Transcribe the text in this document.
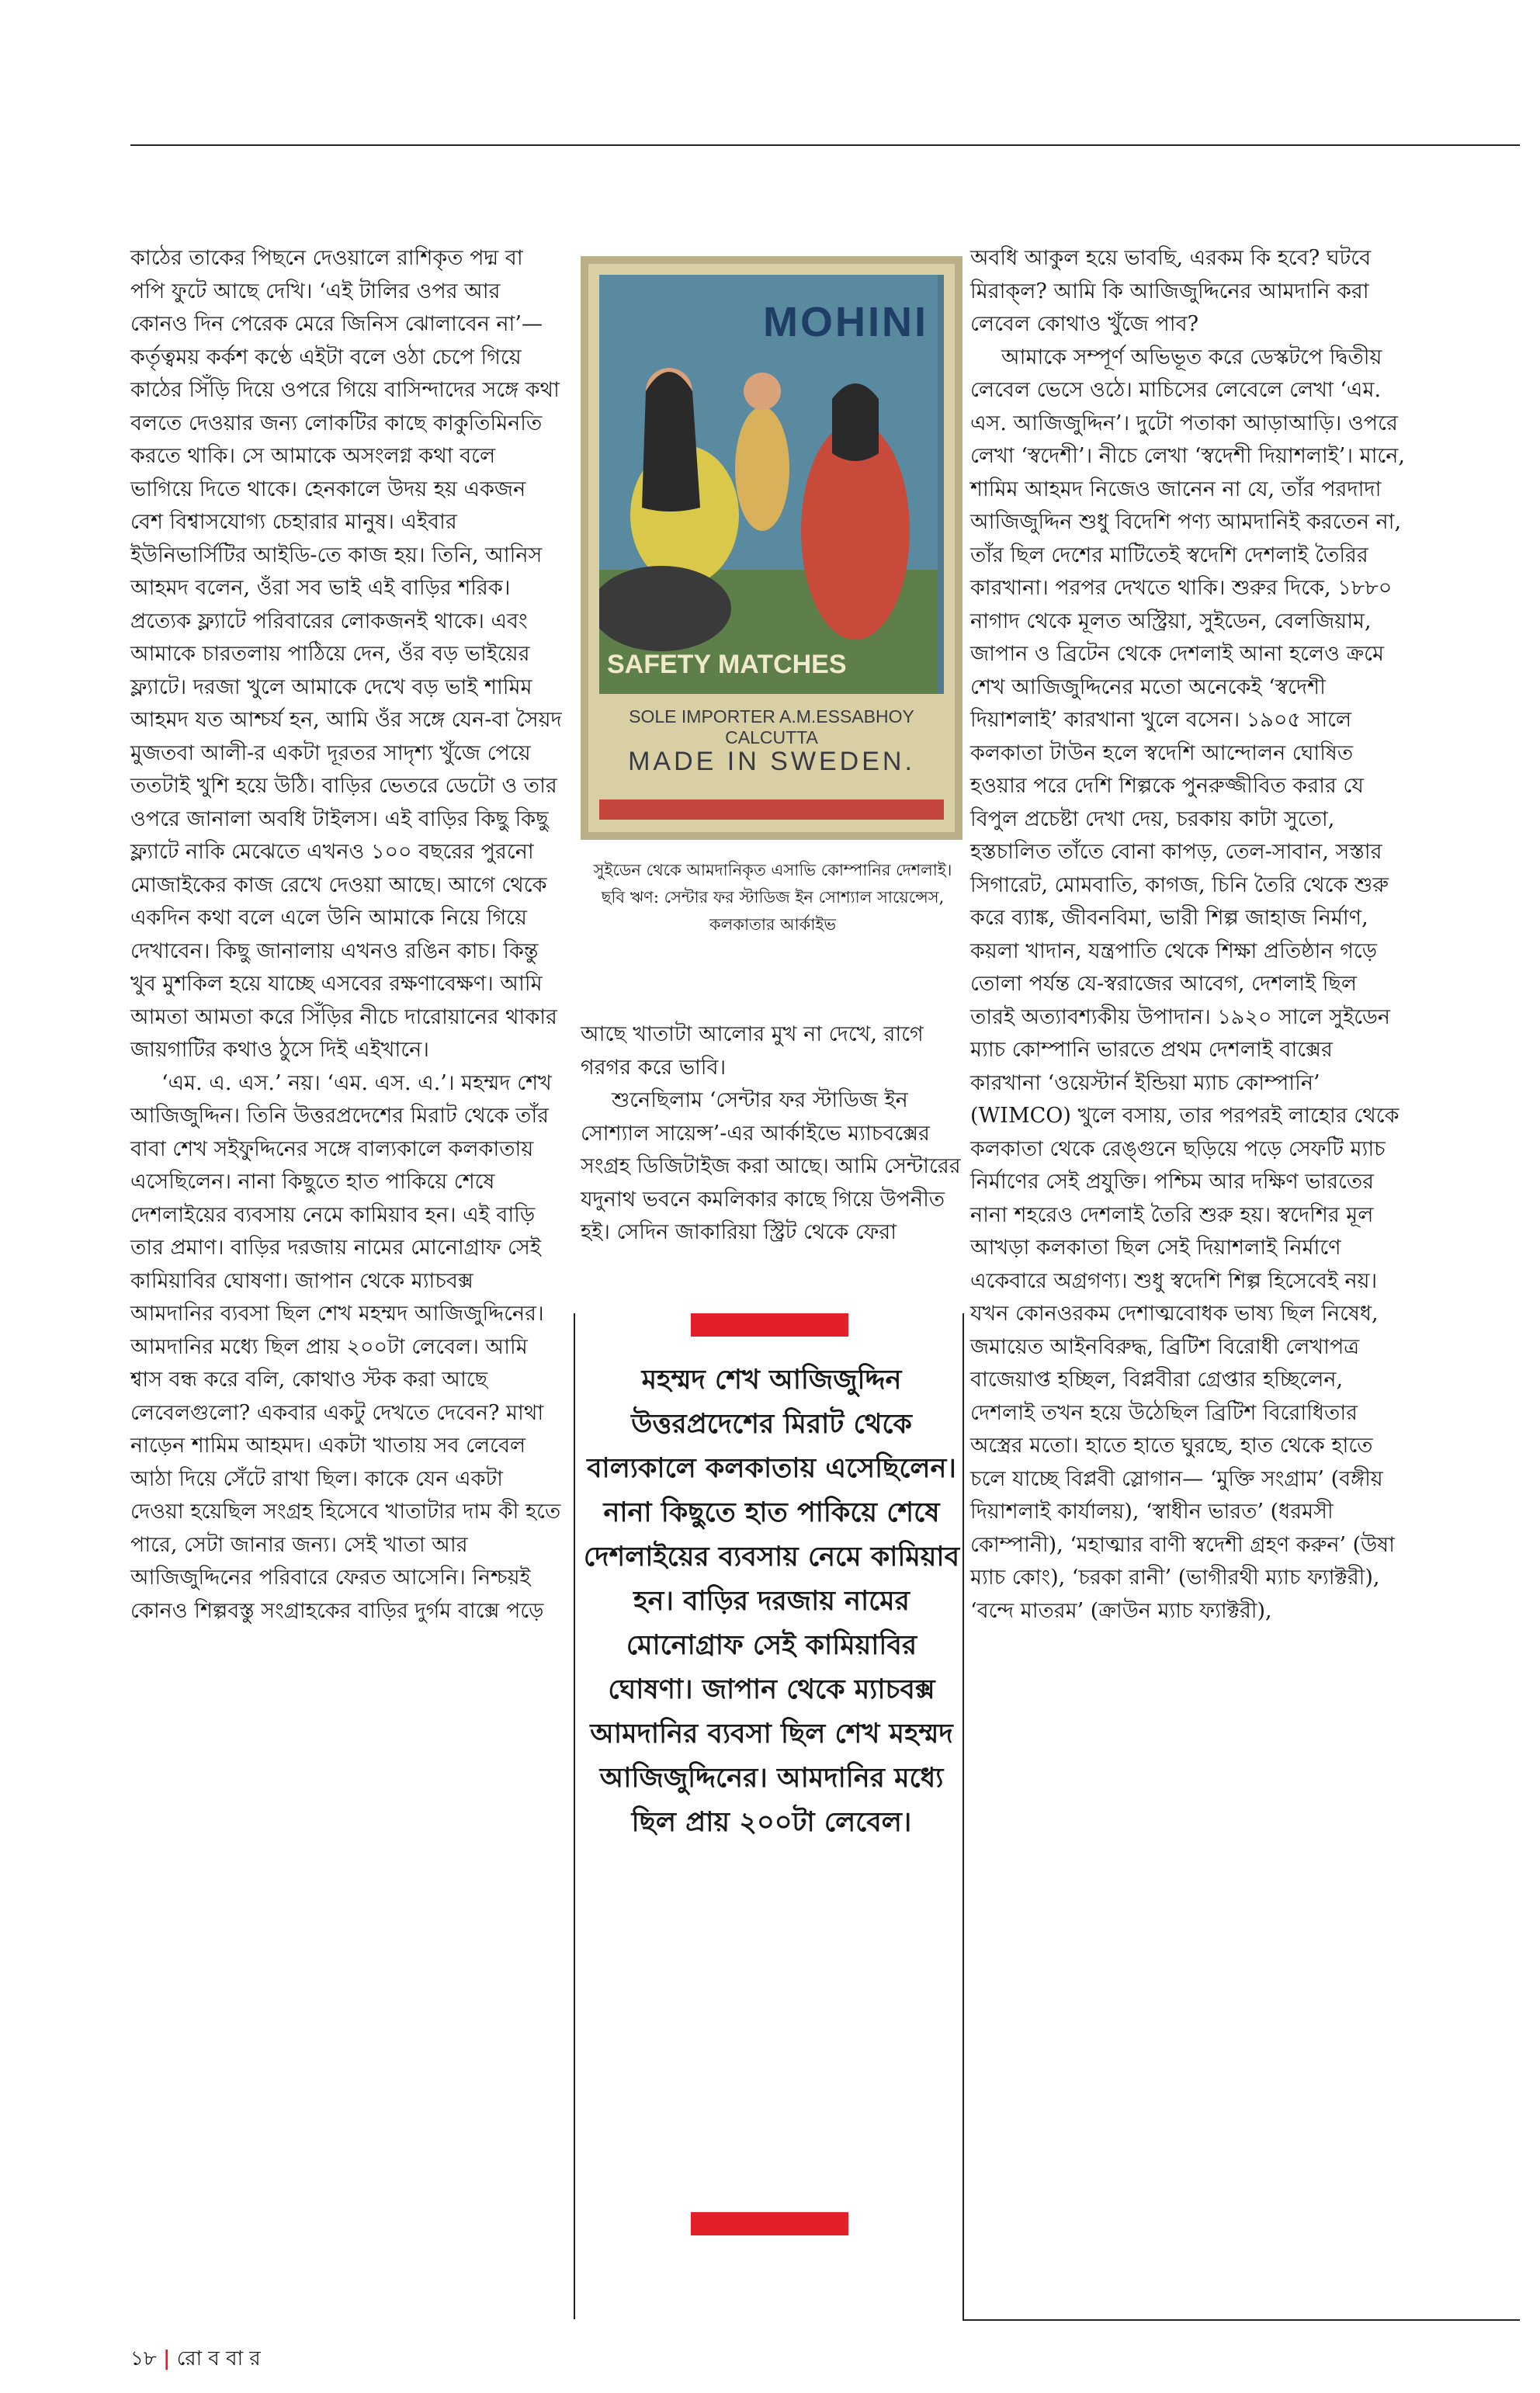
কাঠের তাকের পিছনে দেওয়ালে রাশিকৃত পদ্ম বা পপি ফুটে আছে দেখি। ‘এই টালির ওপর আর কোনও দিন পেরেক মেরে জিনিস ঝোলাবেন না’—কর্তৃত্বময় কর্কশ কণ্ঠে এইটা বলে ওঠা চেপে গিয়ে কাঠের সিঁড়ি দিয়ে ওপরে গিয়ে বাসিন্দাদের সঙ্গে কথা বলতে দেওয়ার জন্য লোকটির কাছে কাকুতিমিনতি করতে থাকি। সে আমাকে অসংলগ্ন কথা বলে ভাগিয়ে দিতে থাকে। হেনকালে উদয় হয় একজন বেশ বিশ্বাসযোগ্য চেহারার মানুষ। এইবার ইউনিভার্সিটির আইডি-তে কাজ হয়। তিনি, আনিস আহমদ বলেন, ওঁরা সব ভাই এই বাড়ির শরিক। প্রত্যেক ফ্ল্যাটে পরিবারের লোকজনই থাকে। এবং আমাকে চারতলায় পাঠিয়ে দেন, ওঁর বড় ভাইয়ের ফ্ল্যাটে। দরজা খুলে আমাকে দেখে বড় ভাই শামিম আহমদ যত আশ্চর্য হন, আমি ওঁর সঙ্গে যেন-বা সৈয়দ মুজতবা আলী-র একটা দূরতর সাদৃশ্য খুঁজে পেয়ে ততটাই খুশি হয়ে উঠি। বাড়ির ভেতরে ডেটো ও তার ওপরে জানালা অবধি টাইলস। এই বাড়ির কিছু কিছু ফ্ল্যাটে নাকি মেঝেতে এখনও ১০০ বছরের পুরনো মোজাইকের কাজ রেখে দেওয়া আছে। আগে থেকে একদিন কথা বলে এলে উনি আমাকে নিয়ে গিয়ে দেখাবেন। কিছু জানালায় এখনও রঙিন কাচ। কিন্তু খুব মুশকিল হয়ে যাচ্ছে এসবের রক্ষণাবেক্ষণ। আমি আমতা আমতা করে সিঁড়ির নীচে দারোয়ানের থাকার জায়গাটির কথাও ঠুসে দিই এইখানে।

‘এম. এ. এস.’ নয়। ‘এম. এস. এ.’। মহম্মদ শেখ আজিজুদ্দিন। তিনি উত্তরপ্রদেশের মিরাট থেকে তাঁর বাবা শেখ সইফুদ্দিনের সঙ্গে বাল্যকালে কলকাতায় এসেছিলেন। নানা কিছুতে হাত পাকিয়ে শেষে দেশলাইয়ের ব্যবসায় নেমে কামিয়াব হন। এই বাড়ি তার প্রমাণ। বাড়ির দরজায় নামের মোনোগ্রাফ সেই কামিয়াবির ঘোষণা। জাপান থেকে ম্যাচবক্স আমদানির ব্যবসা ছিল শেখ মহম্মদ আজিজুদ্দিনের। আমদানির মধ্যে ছিল প্রায় ২০০টা লেবেল। আমি শ্বাস বন্ধ করে বলি, কোথাও স্টক করা আছে লেবেলগুলো? একবার একটু দেখতে দেবেন? মাথা নাড়েন শামিম আহমদ। একটা খাতায় সব লেবেল আঠা দিয়ে সেঁটে রাখা ছিল। কাকে যেন একটা দেওয়া হয়েছিল সংগ্রহ হিসেবে খাতাটার দাম কী হতে পারে, সেটা জানার জন্য। সেই খাতা আর আজিজুদ্দিনের পরিবারে ফেরত আসেনি। নিশ্চয়ই কোনও শিল্পবস্তু সংগ্রাহকের বাড়ির দুর্গম বাক্সে পড়ে

MOHINI
SAFETY MATCHES
SOLE IMPORTER A.M.ESSABHOY CALCUTTA
MADE IN SWEDEN.
সুইডেন থেকে আমদানিকৃত এসাভি কোম্পানির দেশলাই। ছবি ঋণ: সেন্টার ফর স্টাডিজ ইন সোশ্যাল সায়েন্সেস, কলকাতার আর্কাইভ

আছে খাতাটা আলোর মুখ না দেখে, রাগে গরগর করে ভাবি।

শুনেছিলাম ‘সেন্টার ফর স্টাডিজ ইন সোশ্যাল সায়েন্স’-এর আর্কাইভে ম্যাচবক্সের সংগ্রহ ডিজিটাইজ করা আছে। আমি সেন্টারের যদুনাথ ভবনে কমলিকার কাছে গিয়ে উপনীত হই। সেদিন জাকারিয়া স্ট্রিট থেকে ফেরা

মহম্মদ শেখ আজিজুদ্দিন উত্তরপ্রদেশের মিরাট থেকে বাল্যকালে কলকাতায় এসেছিলেন। নানা কিছুতে হাত পাকিয়ে শেষে দেশলাইয়ের ব্যবসায় নেমে কামিয়াব হন। বাড়ির দরজায় নামের মোনোগ্রাফ সেই কামিয়াবির ঘোষণা। জাপান থেকে ম্যাচবক্স আমদানির ব্যবসা ছিল শেখ মহম্মদ আজিজুদ্দিনের। আমদানির মধ্যে ছিল প্রায় ২০০টা লেবেল।

অবধি আকুল হয়ে ভাবছি, এরকম কি হবে? ঘটবে মিরাক্‌ল? আমি কি আজিজুদ্দিনের আমদানি করা লেবেল কোথাও খুঁজে পাব?

আমাকে সম্পূর্ণ অভিভূত করে ডেস্কটপে দ্বিতীয় লেবেল ভেসে ওঠে। মাচিসের লেবেলে লেখা ‘এম. এস. আজিজুদ্দিন’। দুটো পতাকা আড়াআড়ি। ওপরে লেখা ‘স্বদেশী’। নীচে লেখা ‘স্বদেশী দিয়াশলাই’। মানে, শামিম আহমদ নিজেও জানেন না যে, তাঁর পরদাদা আজিজুদ্দিন শুধু বিদেশি পণ্য আমদানিই করতেন না, তাঁর ছিল দেশের মাটিতেই স্বদেশি দেশলাই তৈরির কারখানা। পরপর দেখতে থাকি। শুরুর দিকে, ১৮৮০ নাগাদ থেকে মূলত অস্ট্রিয়া, সুইডেন, বেলজিয়াম, জাপান ও ব্রিটেন থেকে দেশলাই আনা হলেও ক্রমে শেখ আজিজুদ্দিনের মতো অনেকেই ‘স্বদেশী দিয়াশলাই’ কারখানা খুলে বসেন। ১৯০৫ সালে কলকাতা টাউন হলে স্বদেশি আন্দোলন ঘোষিত হওয়ার পরে দেশি শিল্পকে পুনরুজ্জীবিত করার যে বিপুল প্রচেষ্টা দেখা দেয়, চরকায় কাটা সুতো, হস্তচালিত তাঁতে বোনা কাপড়, তেল-সাবান, সস্তার সিগারেট, মোমবাতি, কাগজ, চিনি তৈরি থেকে শুরু করে ব্যাঙ্ক, জীবনবিমা, ভারী শিল্প জাহাজ নির্মাণ, কয়লা খাদান, যন্ত্রপাতি থেকে শিক্ষা প্রতিষ্ঠান গড়ে তোলা পর্যন্ত যে-স্বরাজের আবেগ, দেশলাই ছিল তারই অত্যাবশ্যকীয় উপাদান। ১৯২০ সালে সুইডেন ম্যাচ কোম্পানি ভারতে প্রথম দেশলাই বাক্সের কারখানা ‘ওয়েস্টার্ন ইন্ডিয়া ম্যাচ কোম্পানি’ (WIMCO) খুলে বসায়, তার পরপরই লাহোর থেকে কলকাতা থেকে রেঙ্গুনে ছড়িয়ে পড়ে সেফটি ম্যাচ নির্মাণের সেই প্রযুক্তি। পশ্চিম আর দক্ষিণ ভারতের নানা শহরেও দেশলাই তৈরি শুরু হয়। স্বদেশির মূল আখড়া কলকাতা ছিল সেই দিয়াশলাই নির্মাণে একেবারে অগ্রগণ্য। শুধু স্বদেশি শিল্প হিসেবেই নয়। যখন কোনওরকম দেশাত্মবোধক ভাষ্য ছিল নিষেধ, জমায়েত আইনবিরুদ্ধ, ব্রিটিশ বিরোধী লেখাপত্র বাজেয়াপ্ত হচ্ছিল, বিপ্লবীরা গ্রেপ্তার হচ্ছিলেন, দেশলাই তখন হয়ে উঠেছিল ব্রিটিশ বিরোধিতার অস্ত্রের মতো। হাতে হাতে ঘুরছে, হাত থেকে হাতে চলে যাচ্ছে বিপ্লবী স্লোগান— ‘মুক্তি সংগ্রাম’ (বঙ্গীয় দিয়াশলাই কার্যালয়), ‘স্বাধীন ভারত’ (ধরমসী কোম্পানী), ‘মহাত্মার বাণী স্বদেশী গ্রহণ করুন’ (উষা ম্যাচ কোং), ‘চরকা রানী’ (ভাগীরথী ম্যাচ ফ্যাক্টরী), ‘বন্দে মাতরম’ (ক্রাউন ম্যাচ ফ্যাক্টরী),

১৮ | রো ব বা র
